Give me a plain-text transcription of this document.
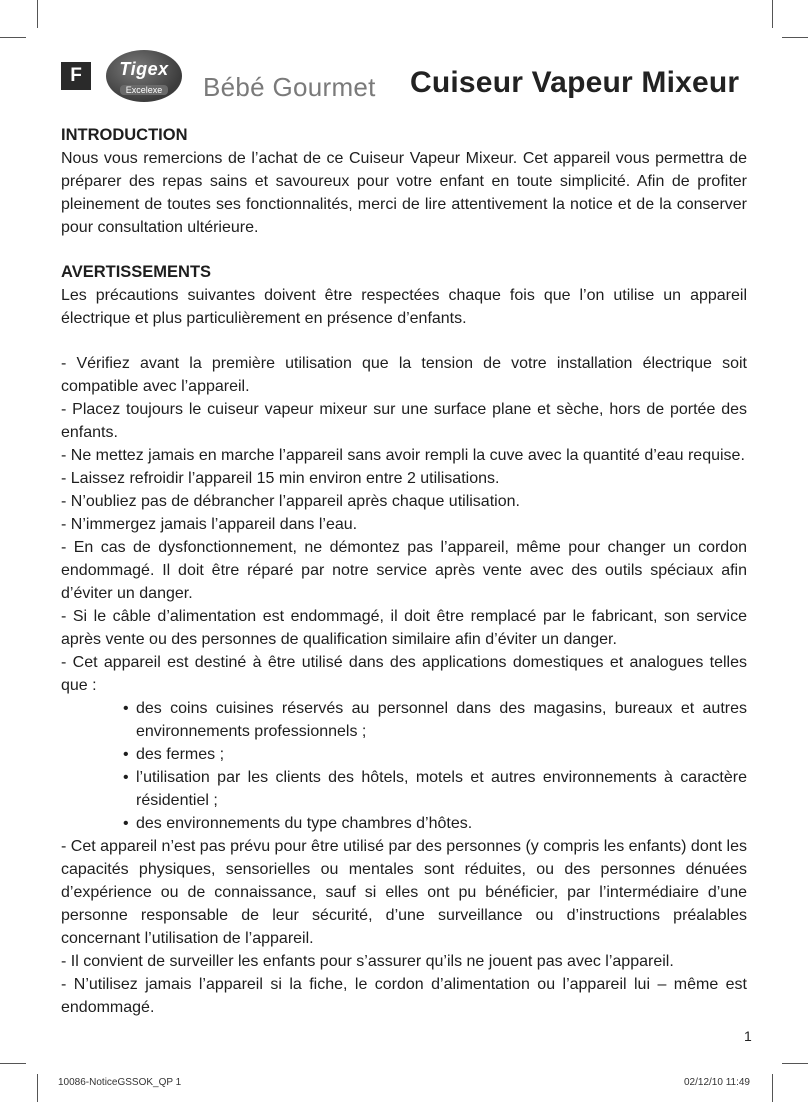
F	Tigex
Excelexe	Bébé Gourmet Cuiseur Vapeur Mixeur
INTRODUCTION

Nous vous remercions de l’achat de ce Cuiseur Vapeur Mixeur. Cet appareil vous permettra de préparer des repas sains et savoureux pour votre enfant en toute simplicité. Afin de profiter pleinement de toutes ses fonctionnalités, merci de lire attentivement la notice et de la conserver pour consultation ultérieure.

AVERTISSEMENTS

Les précautions suivantes doivent être respectées chaque fois que l’on utilise un appareil électrique et plus particulièrement en présence d’enfants.

- Vérifiez avant la première utilisation que la tension de votre installation électrique soit compatible avec l’appareil.

- Placez toujours le cuiseur vapeur mixeur sur une surface plane et sèche, hors de portée des enfants.

- Ne mettez jamais en marche l’appareil sans avoir rempli la cuve avec la quantité d’eau requise.

- Laissez refroidir l’appareil 15 min environ entre 2 utilisations.

- N’oubliez pas de débrancher l’appareil après chaque utilisation.

- N’immergez jamais l’appareil dans l’eau.

- En cas de dysfonctionnement, ne démontez pas l’appareil, même pour changer un cordon endommagé. Il doit être réparé par notre service après vente avec des outils spéciaux afin d’éviter un danger.

- Si le câble d’alimentation est endommagé, il doit être remplacé par le fabricant, son service après vente ou des personnes de qualification similaire afin d’éviter un danger.

- Cet appareil est destiné à être utilisé dans des applications domestiques et analogues telles que :

• des coins cuisines réservés au personnel dans des magasins, bureaux et autres environnements professionnels ;
• des fermes ;
• l’utilisation par les clients des hôtels, motels et autres environnements à caractère résidentiel ;
• des environnements du type chambres d’hôtes.

- Cet appareil n’est pas prévu pour être utilisé par des personnes (y compris les enfants) dont les capacités physiques, sensorielles ou mentales sont réduites, ou des personnes dénuées d’expérience ou de connaissance, sauf si elles ont pu bénéficier, par l’intermédiaire d’une personne responsable de leur sécurité, d’une surveillance ou d’instructions préalables concernant l’utilisation de l’appareil.

- Il convient de surveiller les enfants pour s’assurer qu’ils ne jouent pas avec l’appareil.

- N’utilisez jamais l’appareil si la fiche, le cordon d’alimentation ou l’appareil lui – même est endommagé.

1
10086-NoticeGSSOK_QP 1	02/12/10 11:49
